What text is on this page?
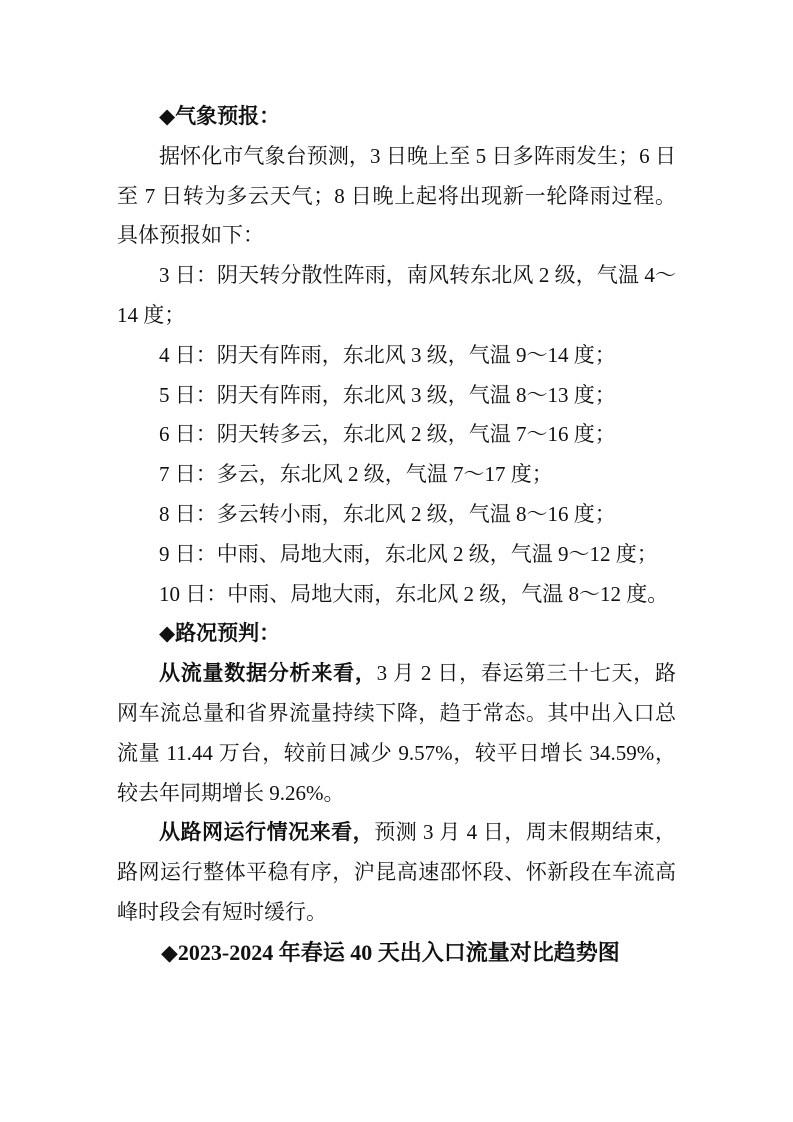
◆气象预报：

据怀化市气象台预测，3 日晚上至 5 日多阵雨发生；6 日至 7 日转为多云天气；8 日晚上起将出现新一轮降雨过程。具体预报如下：

3 日：阴天转分散性阵雨，南风转东北风 2 级，气温 4～14 度；

4 日：阴天有阵雨，东北风 3 级，气温 9～14 度；

5 日：阴天有阵雨，东北风 3 级，气温 8～13 度；

6 日：阴天转多云，东北风 2 级，气温 7～16 度；

7 日：多云，东北风 2 级，气温 7～17 度；

8 日：多云转小雨，东北风 2 级，气温 8～16 度；

9 日：中雨、局地大雨，东北风 2 级，气温 9～12 度；

10 日：中雨、局地大雨，东北风 2 级，气温 8～12 度。

◆路况预判：

从流量数据分析来看，3 月 2 日，春运第三十七天，路网车流总量和省界流量持续下降，趋于常态。其中出入口总流量 11.44 万台，较前日减少 9.57%，较平日增长 34.59%，较去年同期增长 9.26%。

从路网运行情况来看，预测 3 月 4 日，周末假期结束，路网运行整体平稳有序，沪昆高速邵怀段、怀新段在车流高峰时段会有短时缓行。

◆2023-2024 年春运 40 天出入口流量对比趋势图
